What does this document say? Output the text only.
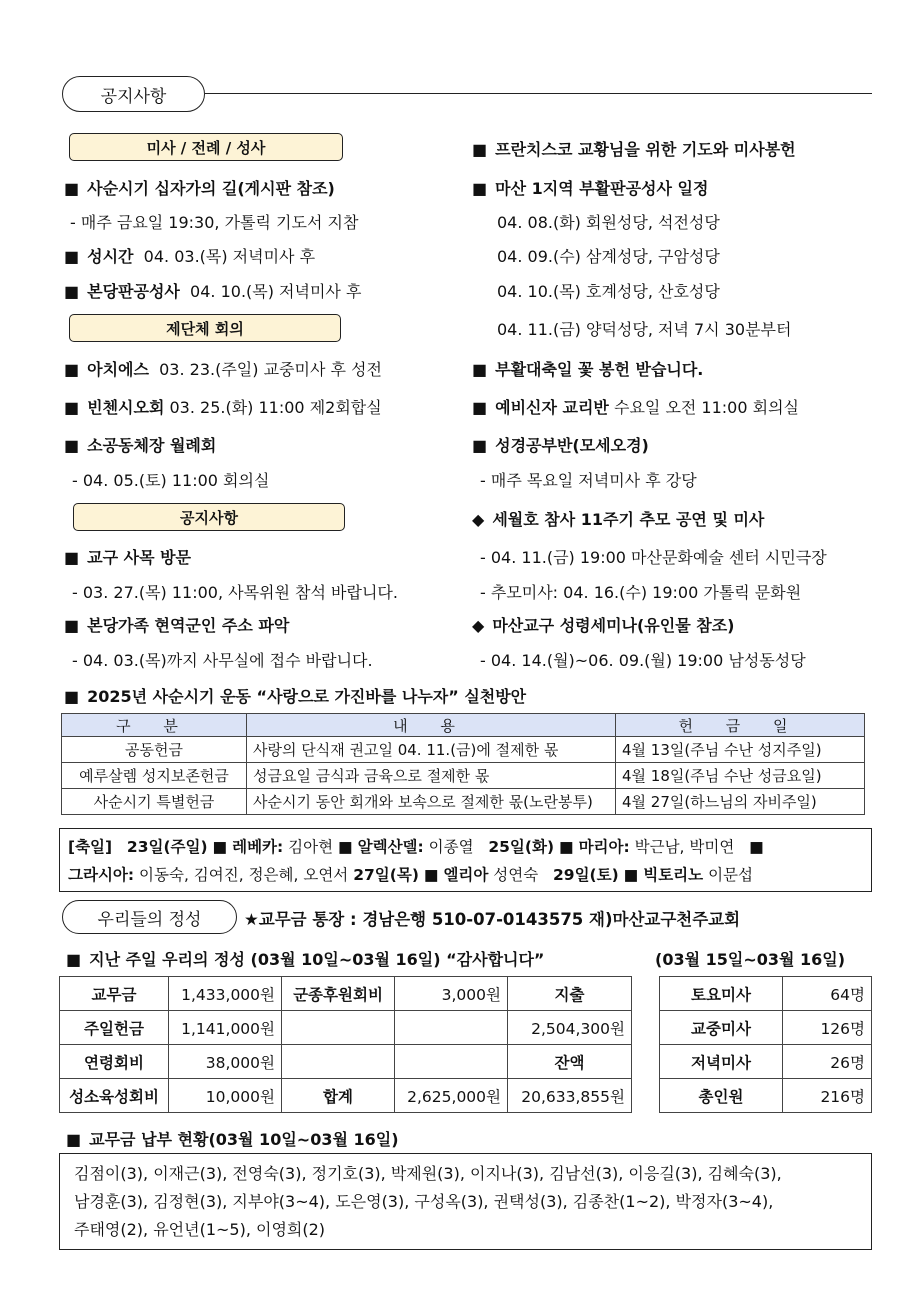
공지사항
미사 / 전례 / 성사
■ 사순시기 십자가의 길(게시판 참조)
- 매주 금요일 19:30, 가톨릭 기도서 지참
■ 성시간 04. 03.(목) 저녁미사 후
■ 본당판공성사 04. 10.(목) 저녁미사 후
제단체 회의
■ 아치에스 03. 23.(주일) 교중미사 후 성전
■ 빈첸시오회 03. 25.(화) 11:00 제2회합실
■ 소공동체장 월례회
- 04. 05.(토) 11:00 회의실
공지사항
■ 교구 사목 방문
- 03. 27.(목) 11:00, 사목위원 참석 바랍니다.
■ 본당가족 현역군인 주소 파악
- 04. 03.(목)까지 사무실에 접수 바랍니다.
■ 프란치스코 교황님을 위한 기도와 미사봉헌
■ 마산 1지역 부활판공성사 일정
04. 08.(화) 회원성당, 석전성당
04. 09.(수) 삼계성당, 구암성당
04. 10.(목) 호계성당, 산호성당
04. 11.(금) 양덕성당, 저녁 7시 30분부터
■ 부활대축일 꽃 봉헌 받습니다.
■ 예비신자 교리반 수요일 오전 11:00 회의실
■ 성경공부반(모세오경)
- 매주 목요일 저녁미사 후 강당
◆ 세월호 참사 11주기 추모 공연 및 미사
- 04. 11.(금) 19:00 마산문화예술 센터 시민극장
- 추모미사: 04. 16.(수) 19:00 가톨릭 문화원
◆ 마산교구 성령세미나(유인물 참조)
- 04. 14.(월)~06. 09.(월) 19:00 남성동성당
■ 2025년 사순시기 운동 “사랑으로 가진바를 나누자” 실천방안
구 분	내 용	헌 금 일
공동헌금	사랑의 단식재 권고일 04. 11.(금)에 절제한 몫	4월 13일(주님 수난 성지주일)
예루살렘 성지보존헌금	성금요일 금식과 금육으로 절제한 몫	4월 18일(주님 수난 성금요일)
사순시기 특별헌금	사순시기 동안 회개와 보속으로 절제한 몫(노란봉투)	4월 27일(하느님의 자비주일)
[축일] 23일(주일) ■ 레베카: 김아현 ■ 알렉산델: 이종열 25일(화) ■ 마리아: 박근남, 박미연 ■
그라시아: 이동숙, 김여진, 정은혜, 오연서 27일(목) ■ 엘리아 성연숙 29일(토) ■ 빅토리노 이문섭
우리들의 정성	★교무금 통장 : 경남은행 510-07-0143575 재)마산교구천주교회
■ 지난 주일 우리의 정성 (03월 10일~03월 16일) “감사합니다”	(03월 15일~03월 16일)
교무금	1,433,000원	군종후원회비	3,000원	지출
주일헌금	1,141,000원			2,504,300원
연령회비	38,000원			잔액
성소육성회비	10,000원	합계	2,625,000원	20,633,855원
토요미사	64명
교중미사	126명
저녁미사	26명
총인원	216명
■ 교무금 납부 현황(03월 10일~03월 16일)
김점이(3), 이재근(3), 전영숙(3), 정기호(3), 박제원(3), 이지나(3), 김남선(3), 이응길(3), 김혜숙(3),
남경훈(3), 김정현(3), 지부야(3~4), 도은영(3), 구성옥(3), 권택성(3), 김종찬(1~2), 박정자(3~4),
주태영(2), 유언년(1~5), 이영희(2)
